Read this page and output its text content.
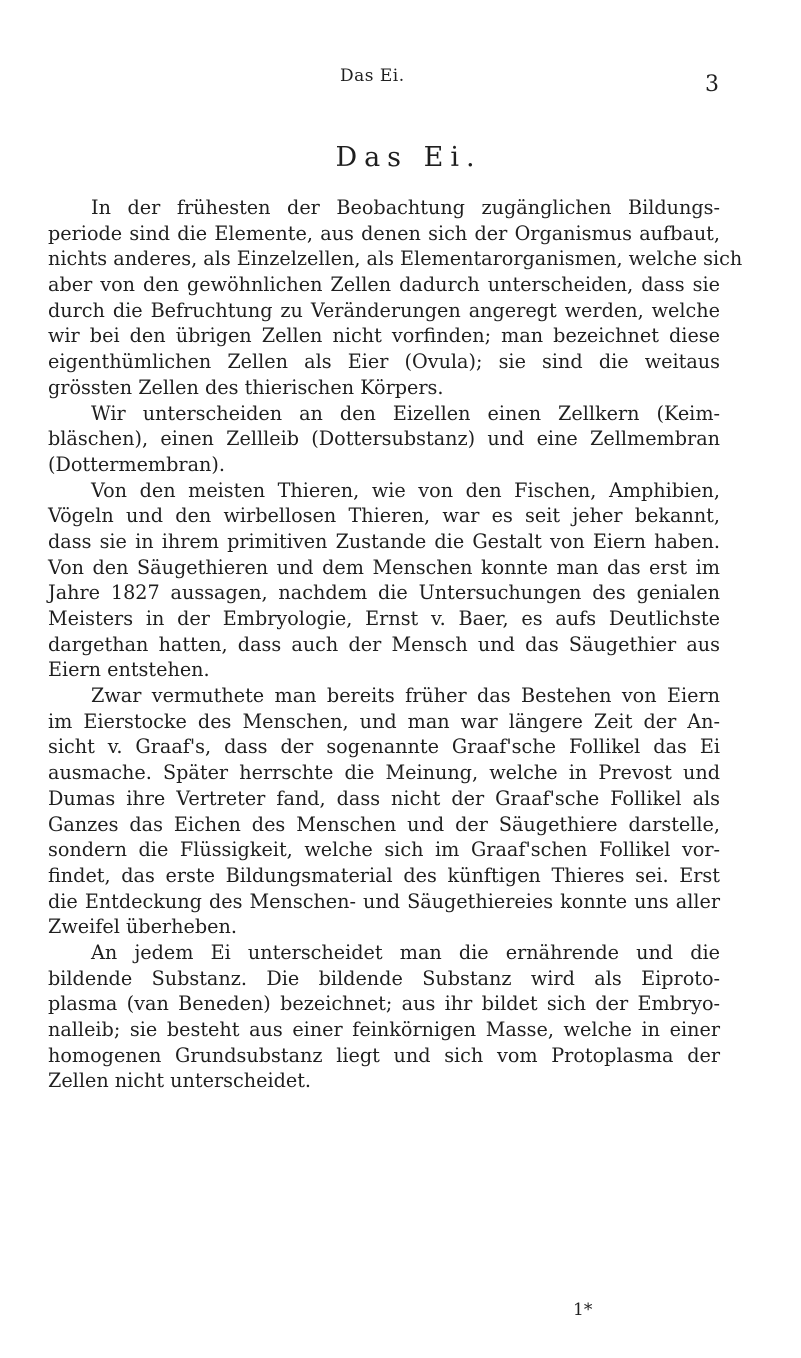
Das Ei.	3
Das Ei.
In der frühesten der Beobachtung zugänglichen Bildungs-
periode sind die Elemente, aus denen sich der Organismus aufbaut,
nichts anderes, als Einzelzellen, als Elementarorganismen, welche sich
aber von den gewöhnlichen Zellen dadurch unterscheiden, dass sie
durch die Befruchtung zu Veränderungen angeregt werden, welche
wir bei den übrigen Zellen nicht vorfinden; man bezeichnet diese
eigenthümlichen Zellen als Eier (Ovula); sie sind die weitaus
grössten Zellen des thierischen Körpers.
Wir unterscheiden an den Eizellen einen Zellkern (Keim-
bläschen), einen Zellleib (Dottersubstanz) und eine Zellmembran
(Dottermembran).
Von den meisten Thieren, wie von den Fischen, Amphibien,
Vögeln und den wirbellosen Thieren, war es seit jeher bekannt,
dass sie in ihrem primitiven Zustande die Gestalt von Eiern haben.
Von den Säugethieren und dem Menschen konnte man das erst im
Jahre 1827 aussagen, nachdem die Untersuchungen des genialen
Meisters in der Embryologie, Ernst v. Baer, es aufs Deutlichste
dargethan hatten, dass auch der Mensch und das Säugethier aus
Eiern entstehen.
Zwar vermuthete man bereits früher das Bestehen von Eiern
im Eierstocke des Menschen, und man war längere Zeit der An-
sicht v. Graaf's, dass der sogenannte Graaf'sche Follikel das Ei
ausmache. Später herrschte die Meinung, welche in Prevost und
Dumas ihre Vertreter fand, dass nicht der Graaf'sche Follikel als
Ganzes das Eichen des Menschen und der Säugethiere darstelle,
sondern die Flüssigkeit, welche sich im Graaf'schen Follikel vor-
findet, das erste Bildungsmaterial des künftigen Thieres sei. Erst
die Entdeckung des Menschen- und Säugethiereies konnte uns aller
Zweifel überheben.
An jedem Ei unterscheidet man die ernährende und die
bildende Substanz. Die bildende Substanz wird als Eiproto-
plasma (van Beneden) bezeichnet; aus ihr bildet sich der Embryo-
nalleib; sie besteht aus einer feinkörnigen Masse, welche in einer
homogenen Grundsubstanz liegt und sich vom Protoplasma der
Zellen nicht unterscheidet.
1*
